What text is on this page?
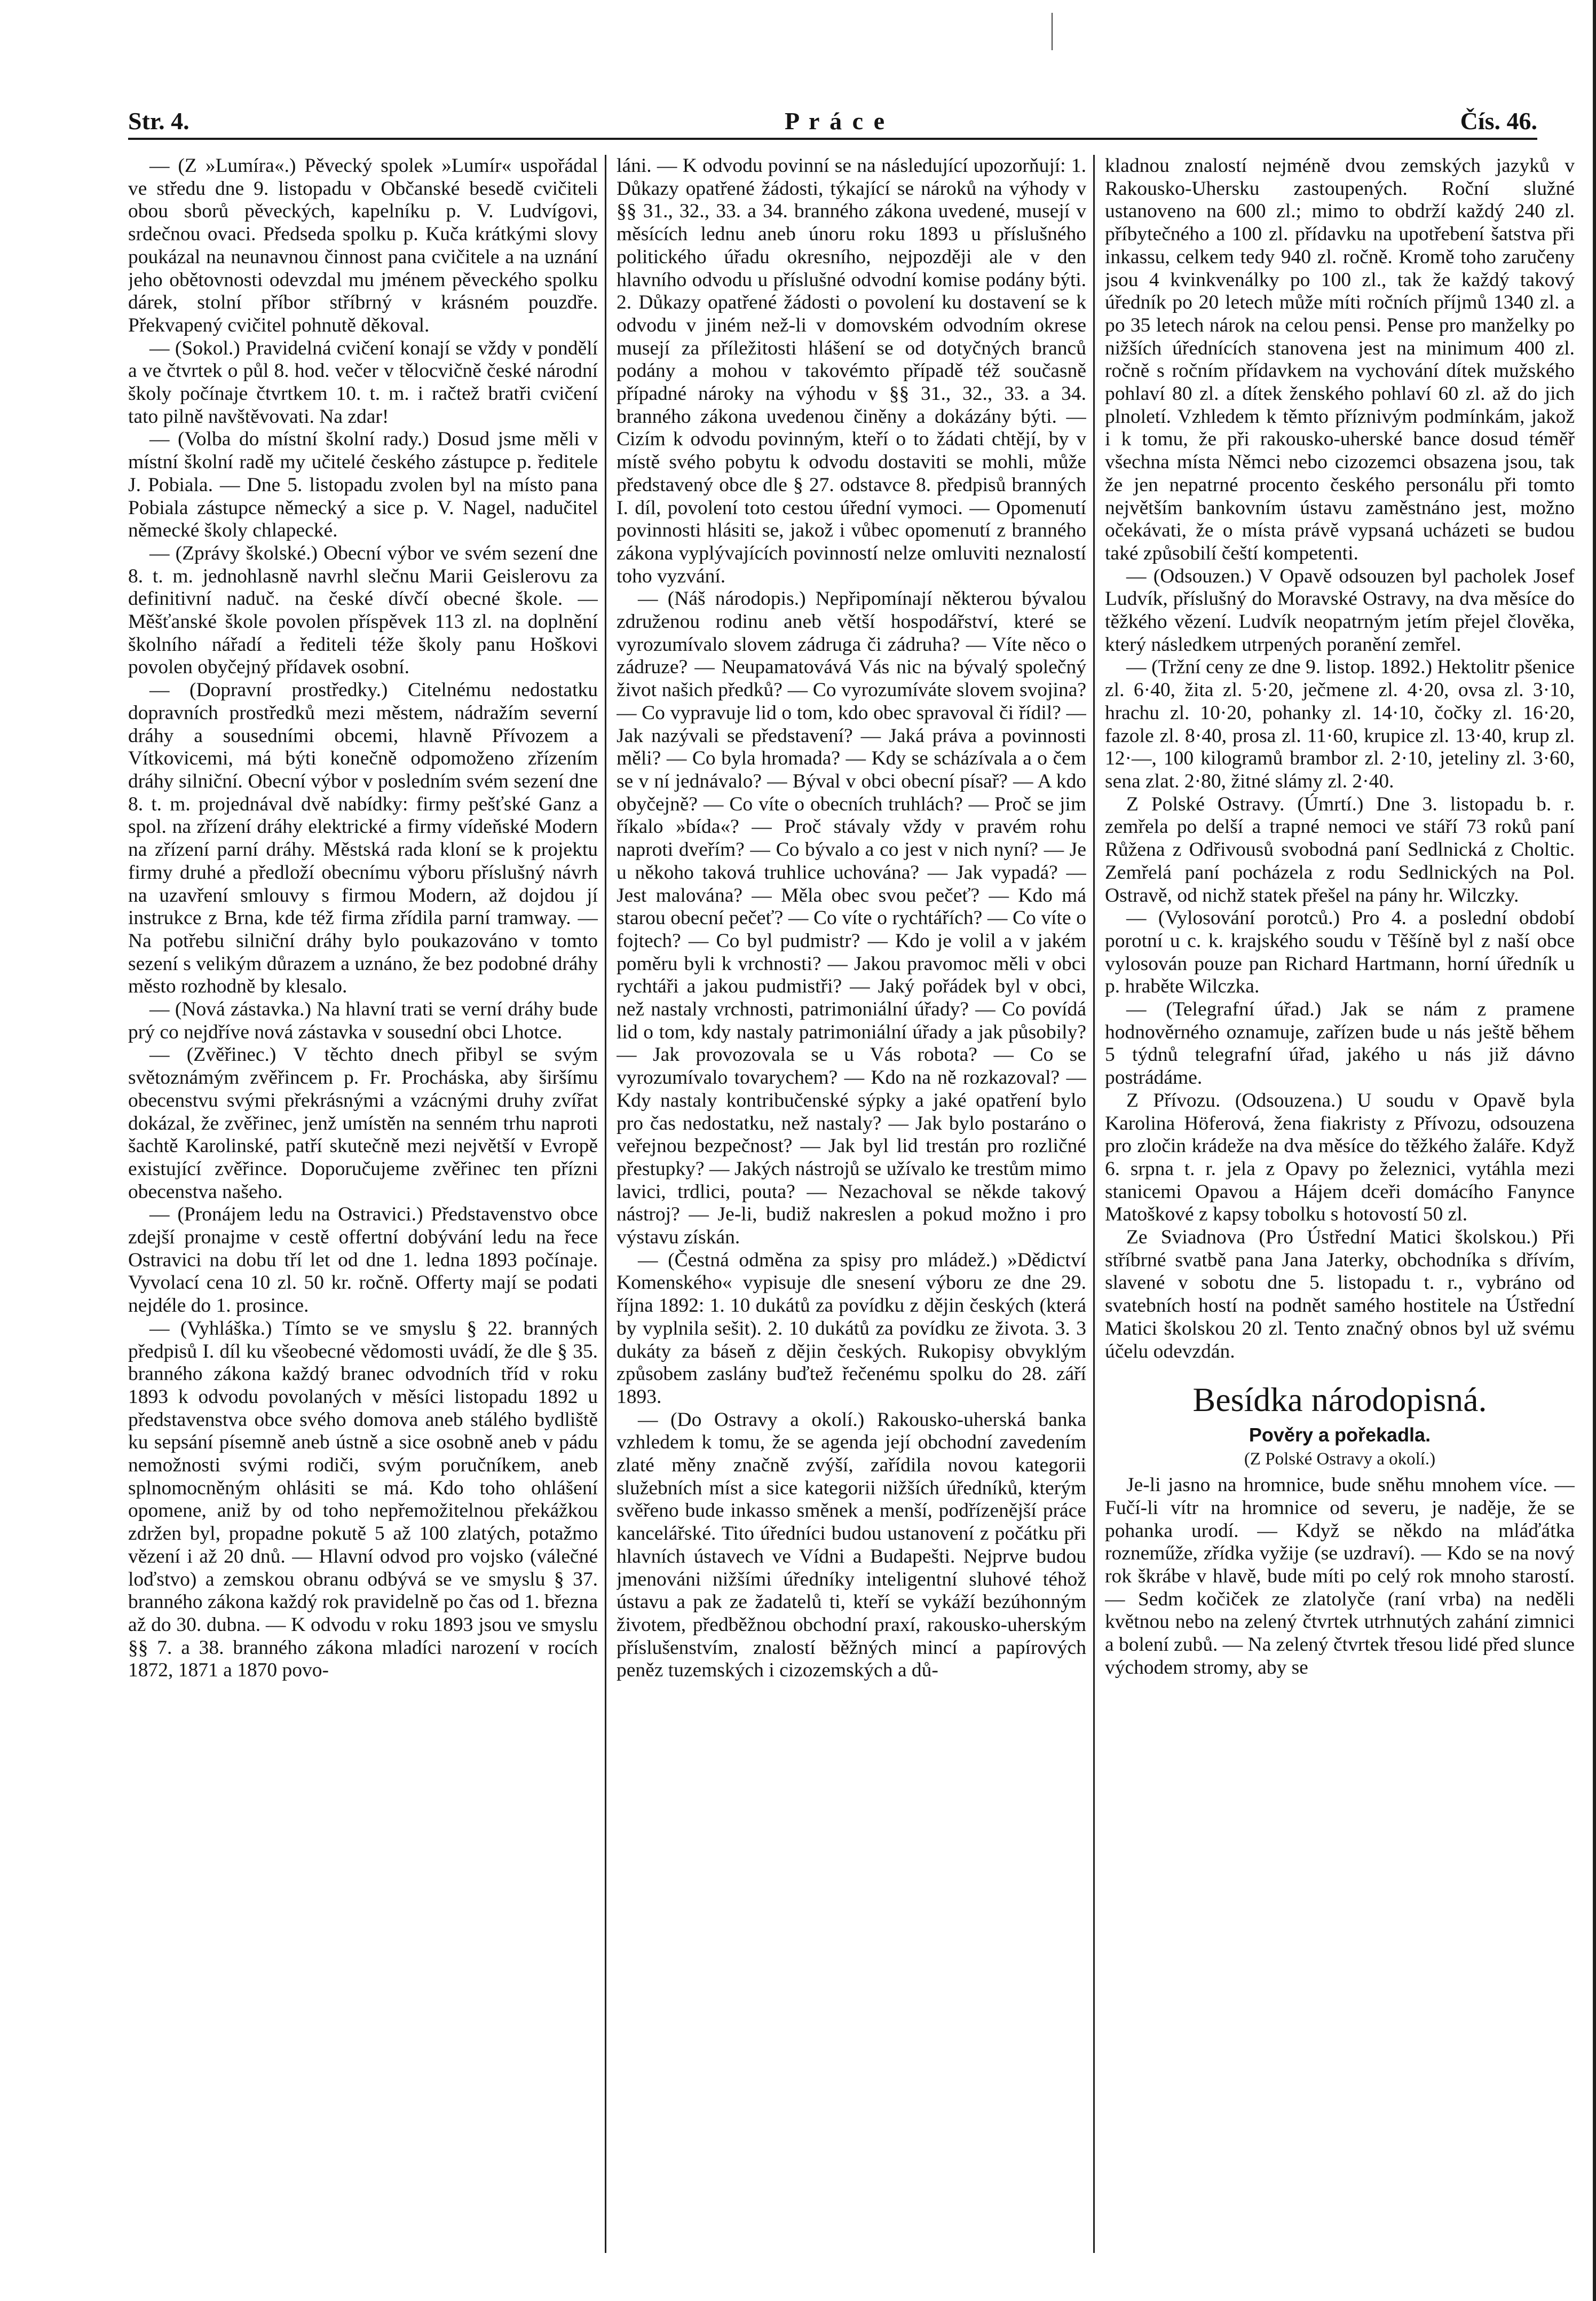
Str. 4.	P r á c e	Čís. 46.

— (Z »Lumíra«.) Pěvecký spolek »Lumír« uspořádal ve středu dne 9. listopadu v Občanské besedě cvičiteli obou sborů pěveckých, kapelníku p. V. Ludvígovi, srdečnou ovaci. Předseda spolku p. Kuča krátkými slovy poukázal na neunavnou činnost pana cvičitele a na uznání jeho obětovnosti odevzdal mu jménem pěveckého spolku dárek, stolní příbor stříbrný v krásném pouzdře. Překvapený cvičitel pohnutě děkoval.

— (Sokol.) Pravidelná cvičení konají se vždy v pondělí a ve čtvrtek o půl 8. hod. večer v tělocvičně české národní školy počínaje čtvrtkem 10. t. m. i račtež bratři cvičení tato pilně navštěvovati. Na zdar!

— (Volba do místní školní rady.) Dosud jsme měli v místní školní radě my učitelé českého zástupce p. ředitele J. Pobiala. — Dne 5. listopadu zvolen byl na místo pana Pobiala zástupce německý a sice p. V. Nagel, nadučitel německé školy chlapecké.

— (Zprávy školské.) Obecní výbor ve svém sezení dne 8. t. m. jednohlasně navrhl slečnu Marii Geislerovu za definitivní naduč. na české dívčí obecné škole. — Měšťanské škole povolen příspěvek 113 zl. na doplnění školního nářadí a řediteli téže školy panu Hoškovi povolen obyčejný přídavek osobní.

— (Dopravní prostředky.) Citelnému nedostatku dopravních prostředků mezi městem, nádražím severní dráhy a sousedními obcemi, hlavně Přívozem a Vítkovicemi, má býti konečně odpomoženo zřízením dráhy silniční. Obecní výbor v posledním svém sezení dne 8. t. m. projednával dvě nabídky: firmy pešťské Ganz a spol. na zřízení dráhy elektrické a firmy vídeňské Modern na zřízení parní dráhy. Městská rada kloní se k projektu firmy druhé a předloží obecnímu výboru příslušný návrh na uzavření smlouvy s firmou Modern, až dojdou jí instrukce z Brna, kde též firma zřídila parní tramway. — Na potřebu silniční dráhy bylo poukazováno v tomto sezení s velikým důrazem a uznáno, že bez podobné dráhy město rozhodně by klesalo.

— (Nová zástavka.) Na hlavní trati se verní dráhy bude prý co nejdříve nová zástavka v sousední obci Lhotce.

— (Zvěřinec.) V těchto dnech přibyl se svým světoznámým zvěřincem p. Fr. Procháska, aby širšímu obecenstvu svými překrásnými a vzácnými druhy zvířat dokázal, že zvěřinec, jenž umístěn na senném trhu naproti šachtě Karolinské, patří skutečně mezi největší v Evropě existující zvěřince. Doporučujeme zvěřinec ten přízni obecenstva našeho.

— (Pronájem ledu na Ostravici.) Představenstvo obce zdejší pronajme v cestě offertní dobývání ledu na řece Ostravici na dobu tří let od dne 1. ledna 1893 počínaje. Vyvolací cena 10 zl. 50 kr. ročně. Offerty mají se podati nejdéle do 1. prosince.

— (Vyhláška.) Tímto se ve smyslu § 22. branných předpisů I. díl ku všeobecné vědomosti uvádí, že dle § 35. branného zákona každý branec odvodních tříd v roku 1893 k odvodu povolaných v měsíci listopadu 1892 u představenstva obce svého domova aneb stálého bydliště ku sepsání písemně aneb ústně a sice osobně aneb v pádu nemožnosti svými rodiči, svým poručníkem, aneb splnomocněným ohlásiti se má. Kdo toho ohlášení opomene, aniž by od toho nepřemožitelnou překážkou zdržen byl, propadne pokutě 5 až 100 zlatých, potažmo vězení i až 20 dnů. — Hlavní odvod pro vojsko (válečné loďstvo) a zemskou obranu odbývá se ve smyslu § 37. branného zákona každý rok pravidelně po čas od 1. března až do 30. dubna. — K odvodu v roku 1893 jsou ve smyslu §§ 7. a 38. branného zákona mladíci narození v rocích 1872, 1871 a 1870 povo-

láni. — K odvodu povinní se na následující upozorňují: 1. Důkazy opatřené žádosti, týkající se nároků na výhody v §§ 31., 32., 33. a 34. branného zákona uvedené, musejí v měsících lednu aneb únoru roku 1893 u příslušného politického úřadu okresního, nejpozději ale v den hlavního odvodu u příslušné odvodní komise podány býti. 2. Důkazy opatřené žádosti o povolení ku dostavení se k odvodu v jiném než-li v domovském odvodním okrese musejí za příležitosti hlášení se od dotyčných branců podány a mohou v takovémto případě též současně případné nároky na výhodu v §§ 31., 32., 33. a 34. branného zákona uvedenou činěny a dokázány býti. — Cizím k odvodu povinným, kteří o to žádati chtějí, by v místě svého pobytu k odvodu dostaviti se mohli, může představený obce dle § 27. odstavce 8. předpisů branných I. díl, povolení toto cestou úřední vymoci. — Opomenutí povinnosti hlásiti se, jakož i vůbec opomenutí z branného zákona vyplývajících povinností nelze omluviti neznalostí toho vyzvání.

— (Náš národopis.) Nepřipomínají některou bývalou združenou rodinu aneb větší hospodářství, které se vyrozumívalo slovem zádruga či zádruha? — Víte něco o zádruze? — Neupamatovává Vás nic na bývalý společný život našich předků? — Co vyrozumíváte slovem svojina? — Co vypravuje lid o tom, kdo obec spravoval či řídil? — Jak nazývali se představení? — Jaká práva a povinnosti měli? — Co byla hromada? — Kdy se scházívala a o čem se v ní jednávalo? — Býval v obci obecní písař? — A kdo obyčejně? — Co víte o obecních truhlách? — Proč se jim říkalo »bída«? — Proč stávaly vždy v pravém rohu naproti dveřím? — Co bývalo a co jest v nich nyní? — Je u někoho taková truhlice uchována? — Jak vypadá? — Jest malována? — Měla obec svou pečeť? — Kdo má starou obecní pečeť? — Co víte o rychtářích? — Co víte o fojtech? — Co byl pudmistr? — Kdo je volil a v jakém poměru byli k vrchnosti? — Jakou pravomoc měli v obci rychtáři a jakou pudmistři? — Jaký pořádek byl v obci, než nastaly vrchnosti, patrimoniální úřady? — Co povídá lid o tom, kdy nastaly patrimoniální úřady a jak působily? — Jak provozovala se u Vás robota? — Co se vyrozumívalo tovarychem? — Kdo na ně rozkazoval? — Kdy nastaly kontribučenské sýpky a jaké opatření bylo pro čas nedostatku, než nastaly? — Jak bylo postaráno o veřejnou bezpečnost? — Jak byl lid trestán pro rozličné přestupky? — Jakých nástrojů se užívalo ke trestům mimo lavici, trdlici, pouta? — Nezachoval se někde takový nástroj? — Je-li, budiž nakreslen a pokud možno i pro výstavu získán.

— (Čestná odměna za spisy pro mládež.) »Dědictví Komenského« vypisuje dle snesení výboru ze dne 29. října 1892: 1. 10 dukátů za povídku z dějin českých (která by vyplnila sešit). 2. 10 dukátů za povídku ze života. 3. 3 dukáty za báseň z dějin českých. Rukopisy obvyklým způsobem zaslány buďtež řečenému spolku do 28. září 1893.

— (Do Ostravy a okolí.) Rakousko-uherská banka vzhledem k tomu, že se agenda její obchodní zavedením zlaté měny značně zvýší, zařídila novou kategorii služebních míst a sice kategorii nižších úředníků, kterým svěřeno bude inkasso směnek a menší, podřízenější práce kancelářské. Tito úředníci budou ustanovení z počátku při hlavních ústavech ve Vídni a Budapešti. Nejprve budou jmenováni nižšími úředníky inteligentní sluhové téhož ústavu a pak ze žadatelů ti, kteří se vykáží bezúhonným životem, předběžnou obchodní praxí, rakousko-uherským příslušenstvím, znalostí běžných mincí a papírových peněz tuzemských i cizozemských a dů-

kladnou znalostí nejméně dvou zemských jazyků v Rakousko-Uhersku zastoupených. Roční služné ustanoveno na 600 zl.; mimo to obdrží každý 240 zl. příbytečného a 100 zl. přídavku na upotřebení šatstva při inkassu, celkem tedy 940 zl. ročně. Kromě toho zaručeny jsou 4 kvinkvenálky po 100 zl., tak že každý takový úředník po 20 letech může míti ročních příjmů 1340 zl. a po 35 letech nárok na celou pensi. Pense pro manželky po nižších úřednících stanovena jest na minimum 400 zl. ročně s ročním přídavkem na vychování dítek mužského pohlaví 80 zl. a dítek ženského pohlaví 60 zl. až do jich plnoletí. Vzhledem k těmto příznivým podmínkám, jakož i k tomu, že při rakousko-uherské bance dosud téměř všechna místa Němci nebo cizozemci obsazena jsou, tak že jen nepatrné procento českého personálu při tomto největším bankovním ústavu zaměstnáno jest, možno očekávati, že o místa právě vypsaná ucházeti se budou také způsobilí čeští kompetenti.

— (Odsouzen.) V Opavě odsouzen byl pacholek Josef Ludvík, příslušný do Moravské Ostravy, na dva měsíce do těžkého vězení. Ludvík neopatrným jetím přejel člověka, který následkem utrpených poranění zemřel.

— (Tržní ceny ze dne 9. listop. 1892.) Hektolitr pšenice zl. 6·40, žita zl. 5·20, ječmene zl. 4·20, ovsa zl. 3·10, hrachu zl. 10·20, pohanky zl. 14·10, čočky zl. 16·20, fazole zl. 8·40, prosa zl. 11·60, krupice zl. 13·40, krup zl. 12·—, 100 kilogramů brambor zl. 2·10, jeteliny zl. 3·60, sena zlat. 2·80, žitné slámy zl. 2·40.

Z Polské Ostravy. (Úmrtí.) Dne 3. listopadu b. r. zemřela po delší a trapné nemoci ve stáří 73 roků paní Růžena z Odřivousů svobodná paní Sedlnická z Choltic. Zemřelá paní pocházela z rodu Sedlnických na Pol. Ostravě, od nichž statek přešel na pány hr. Wilczky.

— (Vylosování porotců.) Pro 4. a poslední období porotní u c. k. krajského soudu v Těšíně byl z naší obce vylosován pouze pan Richard Hartmann, horní úředník u p. hraběte Wilczka.

— (Telegrafní úřad.) Jak se nám z pramene hodnověrného oznamuje, zařízen bude u nás ještě během 5 týdnů telegrafní úřad, jakého u nás již dávno postrádáme.

Z Přívozu. (Odsouzena.) U soudu v Opavě byla Karolina Höferová, žena fiakristy z Přívozu, odsouzena pro zločin krádeže na dva měsíce do těžkého žaláře. Když 6. srpna t. r. jela z Opavy po železnici, vytáhla mezi stanicemi Opavou a Hájem dceři domácího Fanynce Matoškové z kapsy tobolku s hotovostí 50 zl.

Ze Sviadnova (Pro Ústřední Matici školskou.) Při stříbrné svatbě pana Jana Jaterky, obchodníka s dřívím, slavené v sobotu dne 5. listopadu t. r., vybráno od svatebních hostí na podnět samého hostitele na Ústřední Matici školskou 20 zl. Tento značný obnos byl už svému účelu odevzdán.

Besídka národopisná.
Pověry a pořekadla.
(Z Polské Ostravy a okolí.)

Je-li jasno na hromnice, bude sněhu mnohem více. — Fučí-li vítr na hromnice od severu, je naděje, že se pohanka urodí. — Když se někdo na mláďátka rozneműže, zřídka vyžije (se uzdraví). — Kdo se na nový rok škrábe v hlavě, bude míti po celý rok mnoho starostí. — Sedm kočiček ze zlatolyče (raní vrba) na neděli květnou nebo na zelený čtvrtek utrhnutých zahání zimnici a bolení zubů. — Na zelený čtvrtek třesou lidé před sluncе východem stromy, aby se
